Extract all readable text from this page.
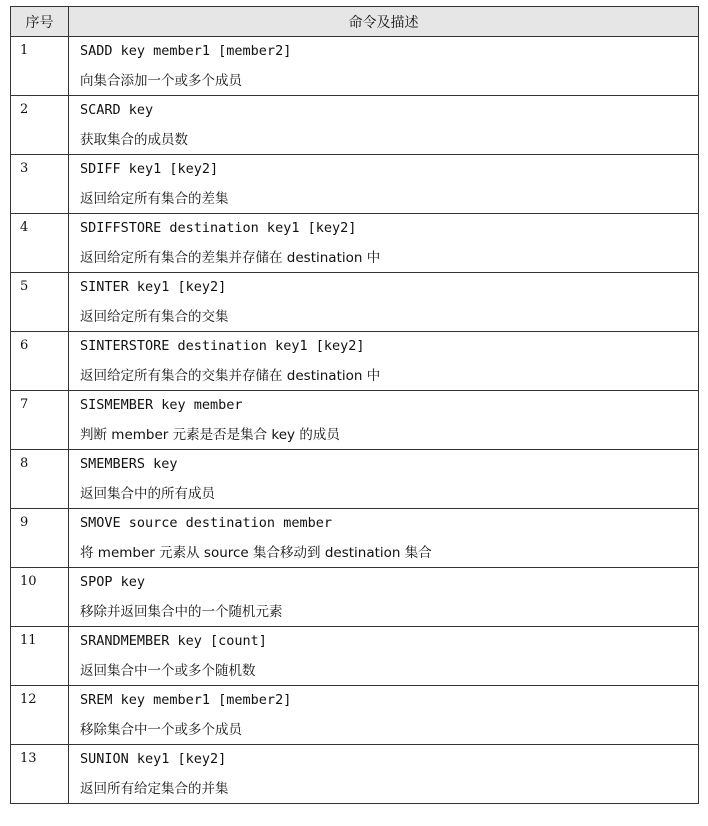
序号	命令及描述
1	SADD key member1 [member2]
向集合添加一个或多个成员

2	SCARD key
获取集合的成员数

3	SDIFF key1 [key2]
返回给定所有集合的差集

4	SDIFFSTORE destination key1 [key2]
返回给定所有集合的差集并存储在 destination 中

5	SINTER key1 [key2]
返回给定所有集合的交集

6	SINTERSTORE destination key1 [key2]
返回给定所有集合的交集并存储在 destination 中

7	SISMEMBER key member
判断 member 元素是否是集合 key 的成员

8	SMEMBERS key
返回集合中的所有成员

9	SMOVE source destination member
将 member 元素从 source 集合移动到 destination 集合

10	SPOP key
移除并返回集合中的一个随机元素

11	SRANDMEMBER key [count]
返回集合中一个或多个随机数

12	SREM key member1 [member2]
移除集合中一个或多个成员

13	SUNION key1 [key2]
返回所有给定集合的并集
